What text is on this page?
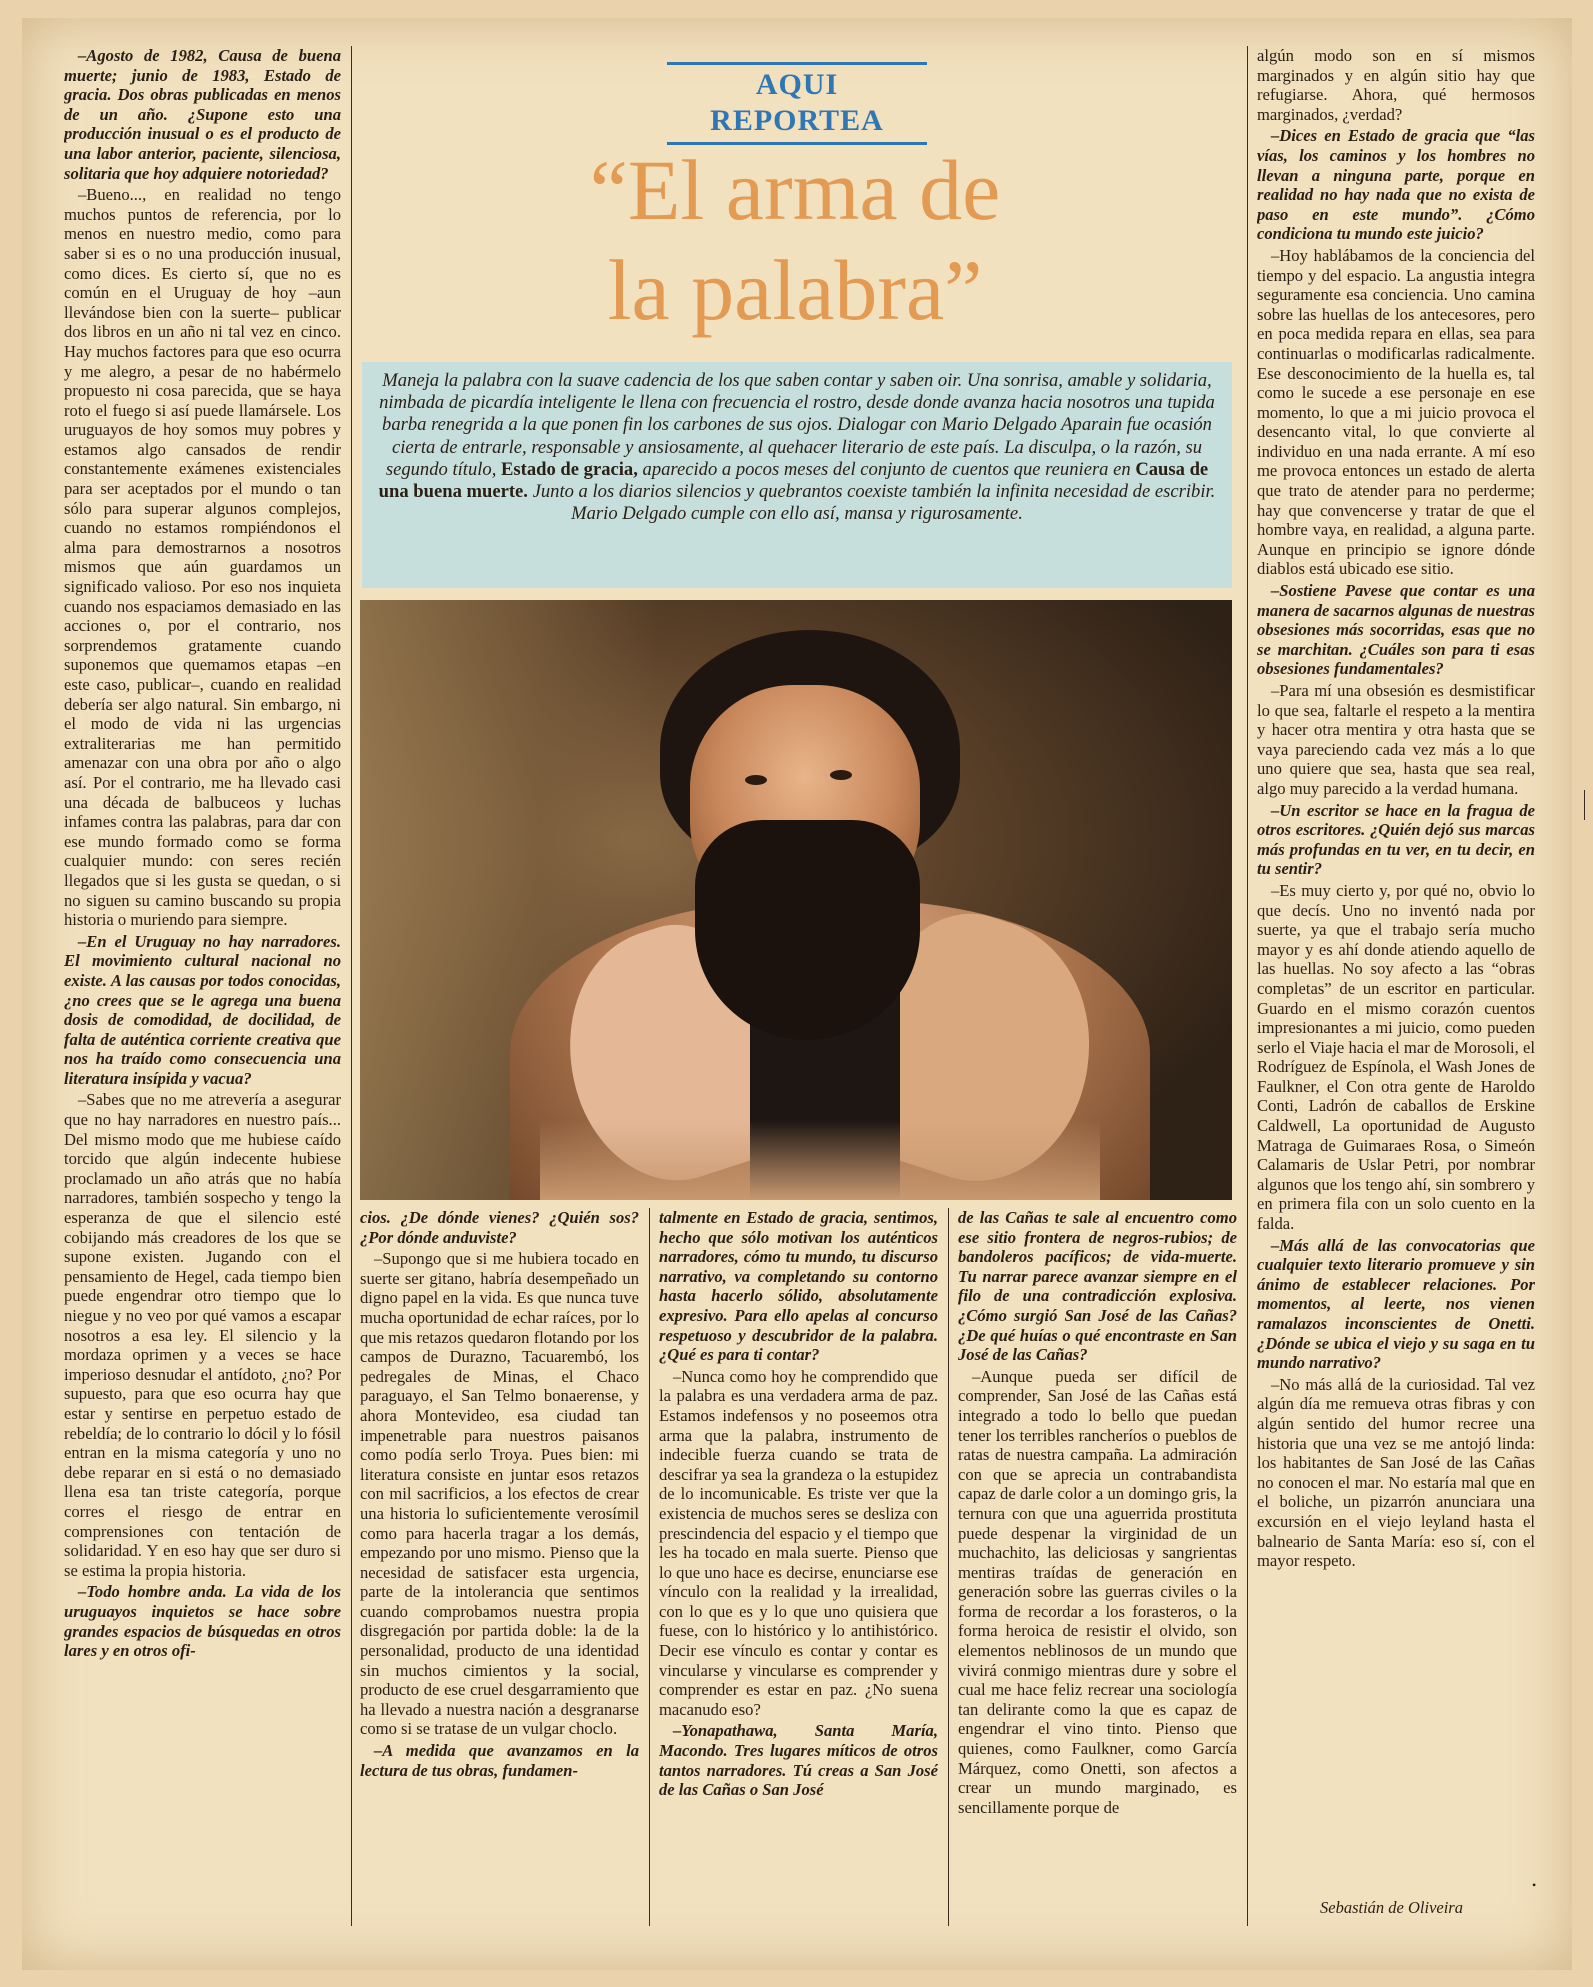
–Agosto de 1982, Causa de buena muerte; junio de 1983, Estado de gracia. Dos obras publicadas en menos de un año. ¿Supone esto una producción inusual o es el producto de una labor anterior, paciente, silenciosa, solitaria que hoy adquiere notoriedad?

–Bueno..., en realidad no tengo muchos puntos de referencia, por lo menos en nuestro medio, como para saber si es o no una producción inusual, como dices. Es cierto sí, que no es común en el Uruguay de hoy –aun llevándose bien con la suerte– publicar dos libros en un año ni tal vez en cinco. Hay muchos factores para que eso ocurra y me alegro, a pesar de no habérmelo propuesto ni cosa parecida, que se haya roto el fuego si así puede llamársele. Los uruguayos de hoy somos muy pobres y estamos algo cansados de rendir constantemente exámenes existenciales para ser aceptados por el mundo o tan sólo para superar algunos complejos, cuando no estamos rompiéndonos el alma para demostrarnos a nosotros mismos que aún guardamos un significado valioso. Por eso nos inquieta cuando nos espaciamos demasiado en las acciones o, por el contrario, nos sorprendemos gratamente cuando suponemos que quemamos etapas –en este caso, publicar–, cuando en realidad debería ser algo natural. Sin embargo, ni el modo de vida ni las urgencias extraliterarias me han permitido amenazar con una obra por año o algo así. Por el contrario, me ha llevado casi una década de balbuceos y luchas infames contra las palabras, para dar con ese mundo formado como se forma cualquier mundo: con seres recién llegados que si les gusta se quedan, o si no siguen su camino buscando su propia historia o muriendo para siempre.

–En el Uruguay no hay narradores. El movimiento cultural nacional no existe. A las causas por todos conocidas, ¿no crees que se le agrega una buena dosis de comodidad, de docilidad, de falta de auténtica corriente creativa que nos ha traído como consecuencia una literatura insípida y vacua?

–Sabes que no me atrevería a asegurar que no hay narradores en nuestro país... Del mismo modo que me hubiese caído torcido que algún indecente hubiese proclamado un año atrás que no había narradores, también sospecho y tengo la esperanza de que el silencio esté cobijando más creadores de los que se supone existen. Jugando con el pensamiento de Hegel, cada tiempo bien puede engendrar otro tiempo que lo niegue y no veo por qué vamos a escapar nosotros a esa ley. El silencio y la mordaza oprimen y a veces se hace imperioso desnudar el antídoto, ¿no? Por supuesto, para que eso ocurra hay que estar y sentirse en perpetuo estado de rebeldía; de lo contrario lo dócil y lo fósil entran en la misma categoría y uno no debe reparar en si está o no demasiado llena esa tan triste categoría, porque corres el riesgo de entrar en comprensiones con tentación de solidaridad. Y en eso hay que ser duro si se estima la propia historia.

–Todo hombre anda. La vida de los uruguayos inquietos se hace sobre grandes espacios de búsquedas en otros lares y en otros ofi-

AQUI REPORTEA
“El arma de
la palabra”
Maneja la palabra con la suave cadencia de los que saben contar y saben oir. Una sonrisa, amable y solidaria, nimbada de picardía inteligente le llena con frecuencia el rostro, desde donde avanza hacia nosotros una tupida barba renegrida a la que ponen fin los carbones de sus ojos. Dialogar con Mario Delgado Aparain fue ocasión cierta de entrarle, responsable y ansiosamente, al quehacer literario de este país. La disculpa, o la razón, su segundo título, Estado de gracia, aparecido a pocos meses del conjunto de cuentos que reuniera en Causa de una buena muerte. Junto a los diarios silencios y quebrantos coexiste también la infinita necesidad de escribir. Mario Delgado cumple con ello así, mansa y rigurosamente.

cios. ¿De dónde vienes? ¿Quién sos? ¿Por dónde anduviste?

–Supongo que si me hubiera tocado en suerte ser gitano, habría desempeñado un digno papel en la vida. Es que nunca tuve mucha oportunidad de echar raíces, por lo que mis retazos quedaron flotando por los campos de Durazno, Tacuarembó, los pedregales de Minas, el Chaco paraguayo, el San Telmo bonaerense, y ahora Montevideo, esa ciudad tan impenetrable para nuestros paisanos como podía serlo Troya. Pues bien: mi literatura consiste en juntar esos retazos con mil sacrificios, a los efectos de crear una historia lo suficientemente verosímil como para hacerla tragar a los demás, empezando por uno mismo. Pienso que la necesidad de satisfacer esta urgencia, parte de la intolerancia que sentimos cuando comprobamos nuestra propia disgregación por partida doble: la de la personalidad, producto de una identidad sin muchos cimientos y la social, producto de ese cruel desgarramiento que ha llevado a nuestra nación a desgranarse como si se tratase de un vulgar choclo.

–A medida que avanzamos en la lectura de tus obras, fundamen-

talmente en Estado de gracia, sentimos, hecho que sólo motivan los auténticos narradores, cómo tu mundo, tu discurso narrativo, va completando su contorno hasta hacerlo sólido, absolutamente expresivo. Para ello apelas al concurso respetuoso y descubridor de la palabra. ¿Qué es para ti contar?

–Nunca como hoy he comprendido que la palabra es una verdadera arma de paz. Estamos indefensos y no poseemos otra arma que la palabra, instrumento de indecible fuerza cuando se trata de descifrar ya sea la grandeza o la estupidez de lo incomunicable. Es triste ver que la existencia de muchos seres se desliza con prescindencia del espacio y el tiempo que les ha tocado en mala suerte. Pienso que lo que uno hace es decirse, enunciarse ese vínculo con la realidad y la irrealidad, con lo que es y lo que uno quisiera que fuese, con lo histórico y lo antihistórico. Decir ese vínculo es contar y contar es vincularse y vincularse es comprender y comprender es estar en paz. ¿No suena macanudo eso?

–Yonapathawa, Santa María, Macondo. Tres lugares míticos de otros tantos narradores. Tú creas a San José de las Cañas o San José

de las Cañas te sale al encuentro como ese sitio frontera de negros-rubios; de bandoleros pacíficos; de vida-muerte. Tu narrar parece avanzar siempre en el filo de una contradicción explosiva. ¿Cómo surgió San José de las Cañas? ¿De qué huías o qué encontraste en San José de las Cañas?

–Aunque pueda ser difícil de comprender, San José de las Cañas está integrado a todo lo bello que puedan tener los terribles rancheríos o pueblos de ratas de nuestra campaña. La admiración con que se aprecia un contrabandista capaz de darle color a un domingo gris, la ternura con que una aguerrida prostituta puede despenar la virginidad de un muchachito, las deliciosas y sangrientas mentiras traídas de generación en generación sobre las guerras civiles o la forma de recordar a los forasteros, o la forma heroica de resistir el olvido, son elementos neblinosos de un mundo que vivirá conmigo mientras dure y sobre el cual me hace feliz recrear una sociología tan delirante como la que es capaz de engendrar el vino tinto. Pienso que quienes, como Faulkner, como García Márquez, como Onetti, son afectos a crear un mundo marginado, es sencillamente porque de

algún modo son en sí mismos marginados y en algún sitio hay que refugiarse. Ahora, qué hermosos marginados, ¿verdad?

–Dices en Estado de gracia que “las vías, los caminos y los hombres no llevan a ninguna parte, porque en realidad no hay nada que no exista de paso en este mundo”. ¿Cómo condiciona tu mundo este juicio?

–Hoy hablábamos de la conciencia del tiempo y del espacio. La angustia integra seguramente esa conciencia. Uno camina sobre las huellas de los antecesores, pero en poca medida repara en ellas, sea para continuarlas o modificarlas radicalmente. Ese desconocimiento de la huella es, tal como le sucede a ese personaje en ese momento, lo que a mi juicio provoca el desencanto vital, lo que convierte al individuo en una nada errante. A mí eso me provoca entonces un estado de alerta que trato de atender para no perderme; hay que convencerse y tratar de que el hombre vaya, en realidad, a alguna parte. Aunque en principio se ignore dónde diablos está ubicado ese sitio.

–Sostiene Pavese que contar es una manera de sacarnos algunas de nuestras obsesiones más socorridas, esas que no se marchitan. ¿Cuáles son para ti esas obsesiones fundamentales?

–Para mí una obsesión es desmistificar lo que sea, faltarle el respeto a la mentira y hacer otra mentira y otra hasta que se vaya pareciendo cada vez más a lo que uno quiere que sea, hasta que sea real, algo muy parecido a la verdad humana.

–Un escritor se hace en la fragua de otros escritores. ¿Quién dejó sus marcas más profundas en tu ver, en tu decir, en tu sentir?

–Es muy cierto y, por qué no, obvio lo que decís. Uno no inventó nada por suerte, ya que el trabajo sería mucho mayor y es ahí donde atiendo aquello de las huellas. No soy afecto a las “obras completas” de un escritor en particular. Guardo en el mismo corazón cuentos impresionantes a mi juicio, como pueden serlo el Viaje hacia el mar de Morosoli, el Rodríguez de Espínola, el Wash Jones de Faulkner, el Con otra gente de Haroldo Conti, Ladrón de caballos de Erskine Caldwell, La oportunidad de Augusto Matraga de Guimaraes Rosa, o Simeón Calamaris de Uslar Petri, por nombrar algunos que los tengo ahí, sin sombrero y en primera fila con un solo cuento en la falda.

–Más allá de las convocatorias que cualquier texto literario promueve y sin ánimo de establecer relaciones. Por momentos, al leerte, nos vienen ramalazos inconscientes de Onetti. ¿Dónde se ubica el viejo y su saga en tu mundo narrativo?

–No más allá de la curiosidad. Tal vez algún día me remueva otras fibras y con algún sentido del humor recree una historia que una vez se me antojó linda: los habitantes de San José de las Cañas no conocen el mar. No estaría mal que en el boliche, un pizarrón anunciara una excursión en el viejo leyland hasta el balneario de Santa María: eso sí, con el mayor respeto.

•
Sebastián de Oliveira
